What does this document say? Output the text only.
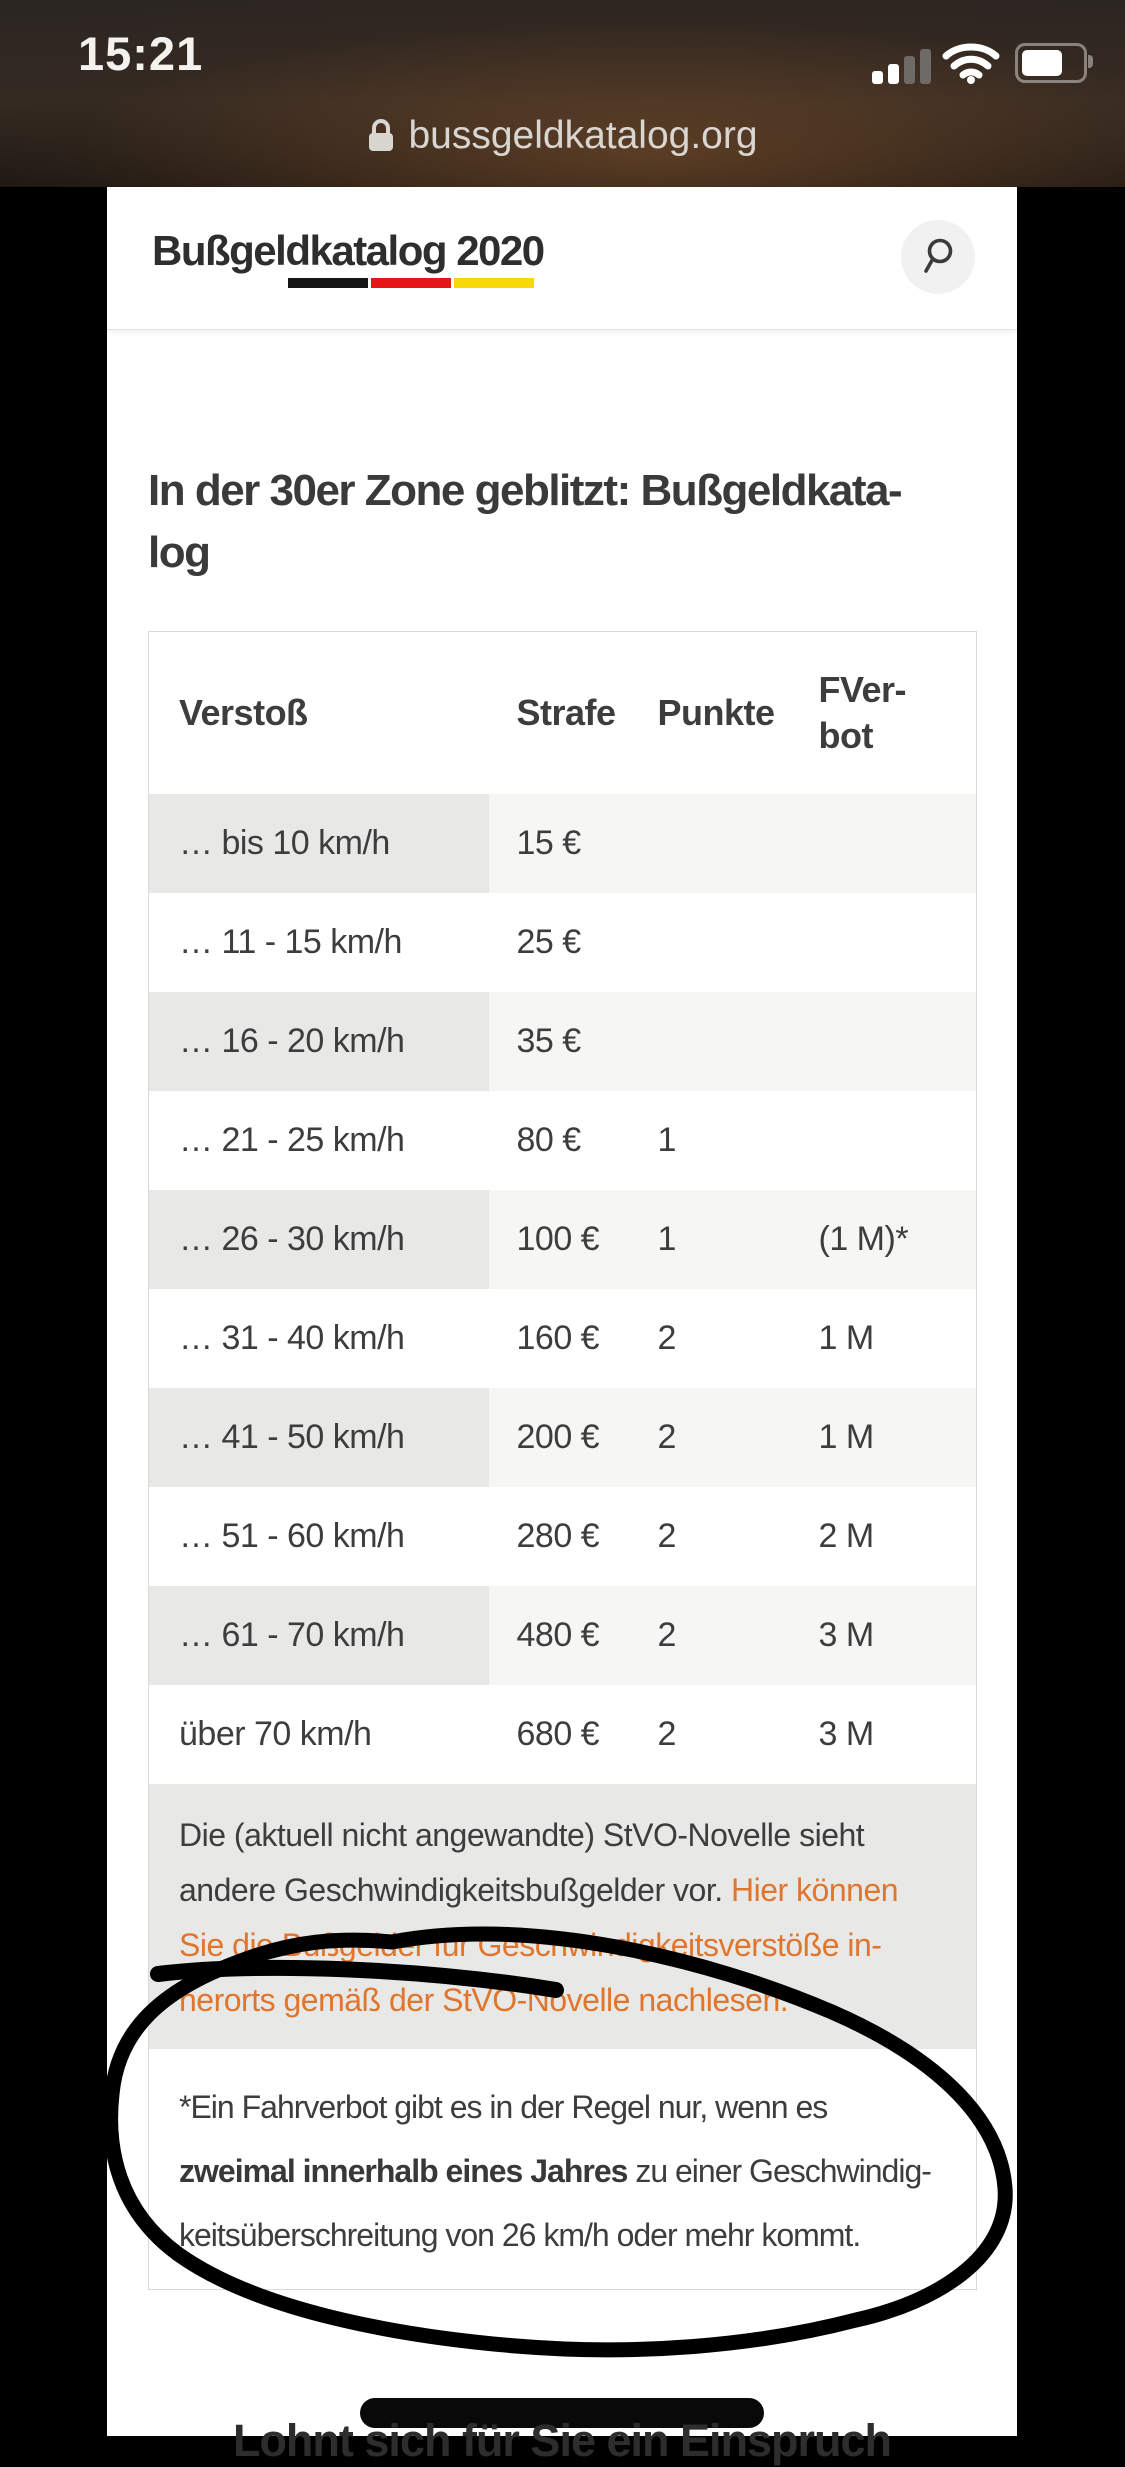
15:21
bussgeldkatalog.org
Bußgeldkatalog 2020
In der 30er Zone geblitzt: Bußgeldkata-
log
Verstoß	Strafe	Punkte	FVer-
bot

… bis 10 km/h	15 €		
… 11 - 15 km/h	25 €		
… 16 - 20 km/h	35 €		
… 21 - 25 km/h	80 €	1	
… 26 - 30 km/h	100 €	1	(1 M)*
… 31 - 40 km/h	160 €	2	1 M
… 41 - 50 km/h	200 €	2	1 M
… 51 - 60 km/h	280 €	2	2 M
… 61 - 70 km/h	480 €	2	3 M
über 70 km/h	680 €	2	3 M

Die (aktuell nicht angewandte) StVO-Novelle sieht
andere Geschwindigkeitsbußgelder vor. Hier können
Sie die Bußgelder für Geschwindigkeitsverstöße in-
nerorts gemäß der StVO-Novelle nachlesen.			

*Ein Fahrverbot gibt es in der Regel nur, wenn es
zweimal innerhalb eines Jahres zu einer Geschwindig-
keitsüberschreitung von 26 km/h oder mehr kommt.			
Lohnt sich für Sie ein Einspruch
